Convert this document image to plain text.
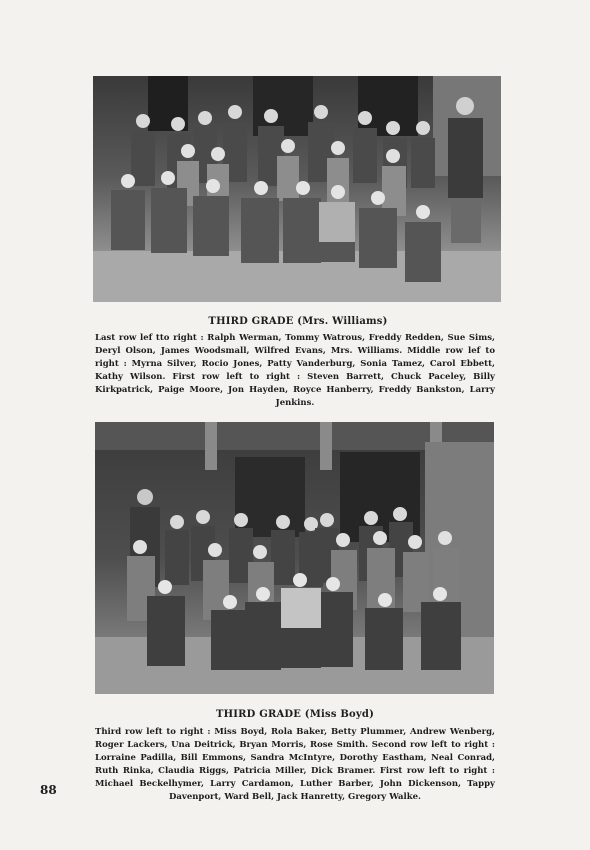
THIRD GRADE (Mrs. Williams)
Last row lef tto right : Ralph Werman, Tommy Watrous, Freddy Redden, Sue Sims, Deryl Olson, James Woodsmall, Wilfred Evans, Mrs. Williams. Middle row lef to right : Myrna Silver, Rocio Jones, Patty Vanderburg, Sonia Tamez, Carol Ebbett, Kathy Wilson. First row left to right : Steven Barrett, Chuck Paceley, Billy Kirkpatrick, Paige Moore, Jon Hayden, Royce Hanberry, Freddy Bankston, Larry Jenkins.
THIRD GRADE (Miss Boyd)
Third row left to right : Miss Boyd, Rola Baker, Betty Plummer, Andrew Wenberg, Roger Lackers, Una Deitrick, Bryan Morris, Rose Smith. Second row left to right : Lorraine Padilla, Bill Emmons, Sandra McIntyre, Dorothy Eastham, Neal Conrad, Ruth Rinka, Claudia Riggs, Patricia Miller, Dick Bramer. First row left to right : Michael Beckelhymer, Larry Cardamon, Luther Barber, John Dickenson, Tappy Davenport, Ward Bell, Jack Hanretty, Gregory Walke.
88
